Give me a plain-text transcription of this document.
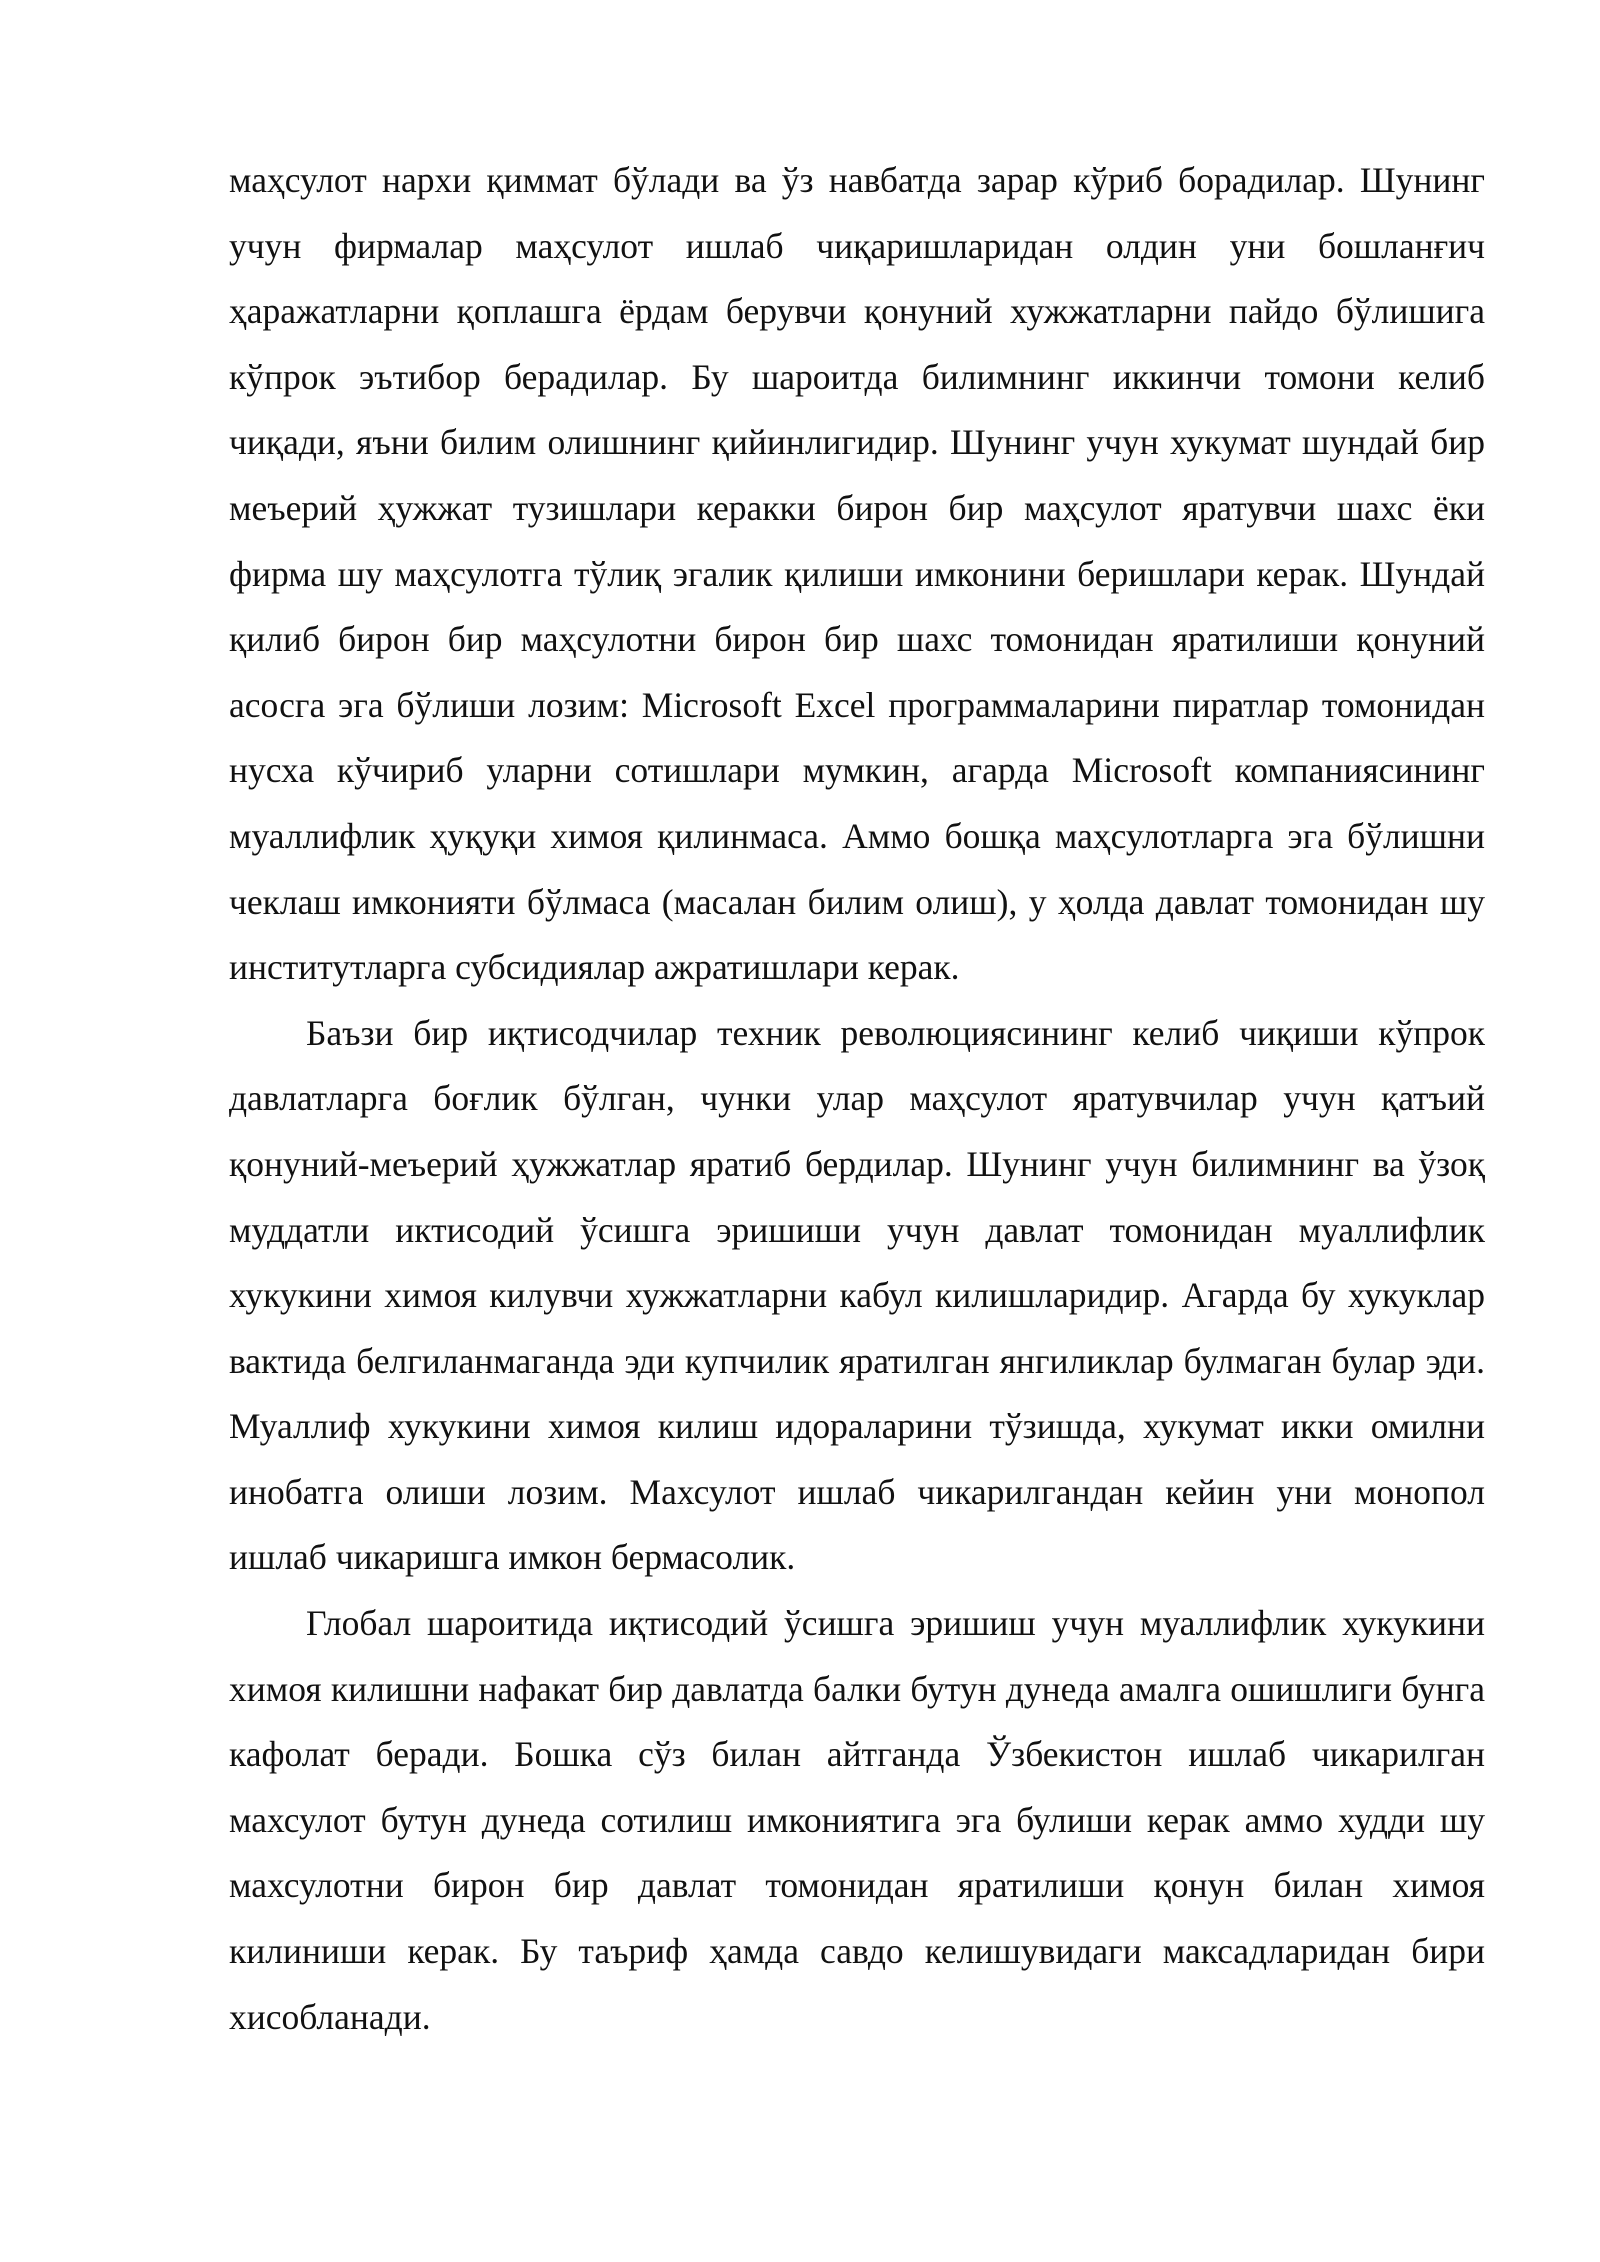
маҳсулот нархи қиммат бўлади ва ўз навбатда зарар кўриб борадилар. Шунинг учун фирмалар маҳсулот ишлаб чиқаришларидан олдин уни бошланғич ҳаражатларни қоплашга ёрдам берувчи қонуний хужжатларни пайдо бўлишига кўпрок эътибор берадилар. Бу шароитда билимнинг иккинчи томони келиб чиқади, яъни билим олишнинг қийинлигидир. Шунинг учун хукумат шундай бир меъерий ҳужжат тузишлари керакки бирон бир маҳсулот яратувчи шахс ёки фирма шу маҳсулотга тўлиқ эгалик қилиши имконини беришлари керак. Шундай қилиб бирон бир маҳсулотни бирон бир шахс томонидан яратилиши қонуний асосга эга бўлиши лозим: Microsoft Excel программаларини пиратлар томонидан нусха кўчириб уларни сотишлари мумкин, агарда Microsoft компаниясининг муаллифлик ҳуқуқи химоя қилинмаса. Аммо бошқа маҳсулотларга эга бўлишни чеклаш имконияти бўлмаса (масалан билим олиш), у ҳолда давлат томонидан шу институтларга субсидиялар ажратишлари керак.

Баъзи бир иқтисодчилар техник революциясининг келиб чиқиши кўпрок давлатларга боғлик бўлган, чунки улар маҳсулот яратувчилар учун қатъий қонуний-меъерий ҳужжатлар яратиб бердилар. Шунинг учун билимнинг ва ўзоқ муддатли иктисодий ўсишга эришиши учун давлат томонидан муаллифлик хукукини химоя килувчи хужжатларни кабул килишларидир. Агарда бу хукуклар вактида белгиланмаганда эди купчилик яратилган янгиликлар булмаган булар эди. Муаллиф хукукини химоя килиш идораларини тўзишда, хукумат икки омилни инобатга олиши лозим. Махсулот ишлаб чикарилгандан кейин уни монопол ишлаб чикаришга имкон бермасолик.

Глобал шароитида иқтисодий ўсишга эришиш учун муаллифлик хукукини химоя килишни нафакат бир давлатда балки бутун дунеда амалга ошишлиги бунга кафолат беради. Бошка сўз билан айтганда Ўзбекистон ишлаб чикарилган махсулот бутун дунеда сотилиш имкониятига эга булиши керак аммо худди шу махсулотни бирон бир давлат томонидан яратилиши қонун билан химоя килиниши керак. Бу таъриф ҳамда савдо келишувидаги максадларидан бири хисобланади.
